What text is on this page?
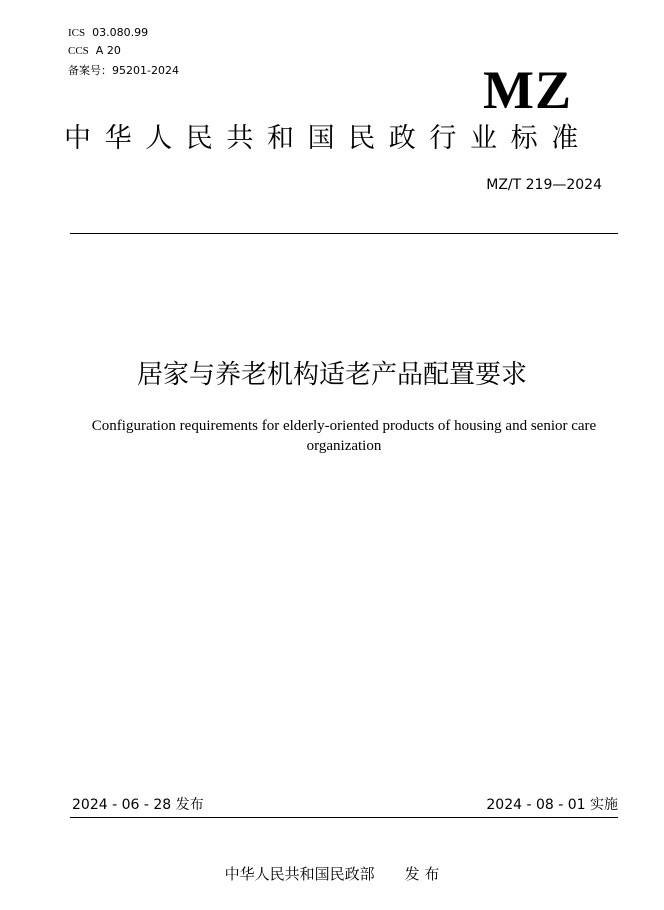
ICS 03.080.99
CCS A 20
备案号：95201-2024	MZ
中华人民共和国民政行业标准
MZ/T 219—2024
居家与养老机构适老产品配置要求
Configuration requirements for elderly-oriented products of housing and senior care organization
2024 - 06 - 28 发布	2024 - 08 - 01 实施
中华人民共和国民政部 发 布
